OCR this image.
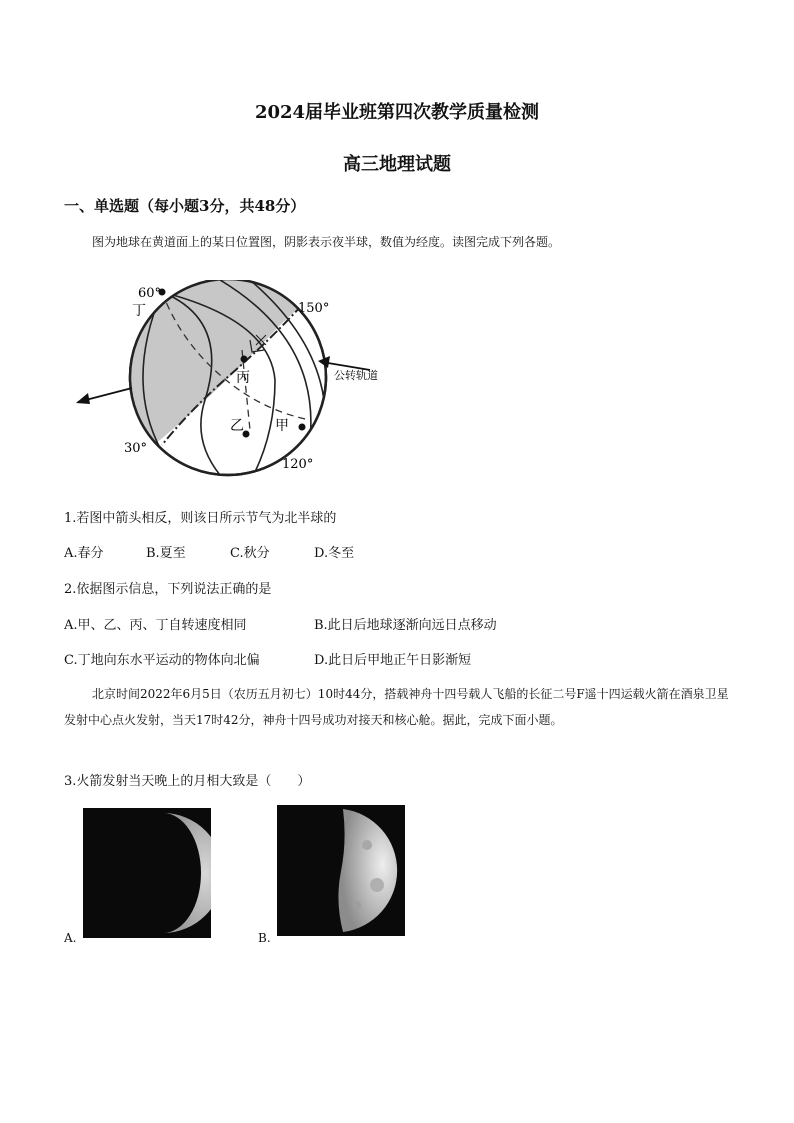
2024届毕业班第四次教学质量检测
高三地理试题
一、单选题（每小题3分，共48分）
图为地球在黄道面上的某日位置图，阴影表示夜半球，数值为经度。读图完成下列各题。
60°
丁	150°
丙
乙 甲
30°
120°
公转轨道
1.若图中箭头相反，则该日所示节气为北半球的
A.春分	B.夏至	C.秋分	D.冬至
2.依据图示信息，下列说法正确的是
A.甲、乙、丙、丁自转速度相同	B.此日后地球逐渐向远日点移动
C.丁地向东水平运动的物体向北偏	D.此日后甲地正午日影渐短
北京时间2022年6月5日（农历五月初七）10时44分，搭载神舟十四号载人飞船的长征二号F遥十四运载火箭在酒泉卫星发射中心点火发射，当天17时42分，神舟十四号成功对接天和核心舱。据此，完成下面小题。
3.火箭发射当天晚上的月相大致是（　　）
A.	B.
